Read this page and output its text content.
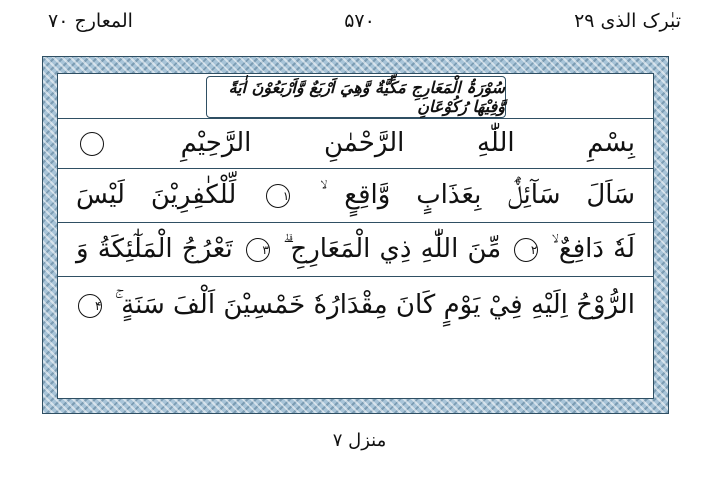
تبٰرک الذی ۲۹
۵۷۰
المعارج ۷۰
سُوْرَۃُ الْمَعَارِجِ مَكِّيَّةٌ وَّهِيَ اَرْبَعٌ وَّاَرْبَعُوْنَ اٰيَةً وَّفِيْهَا رُكُوْعَانِ
بِسْمِ اللّٰهِ الرَّحْمٰنِ الرَّحِيْمِ
سَاَلَ سَآئِلٌۢ بِعَذَابٍ وَّاقِعٍ ۙ ۱ لِّلْكٰفِرِيْنَ لَيْسَ
لَهٗ دَافِعٌ ۙ ۲ مِّنَ اللّٰهِ ذِي الْمَعَارِجِ ۗ ۳ تَعْرُجُ الْمَلٰٓئِكَةُ وَ
الرُّوْحُ اِلَيْهِ فِيْ يَوْمٍ كَانَ مِقْدَارُهٗ خَمْسِيْنَ اَلْفَ سَنَةٍ ۚ ۴
منزل ۷
